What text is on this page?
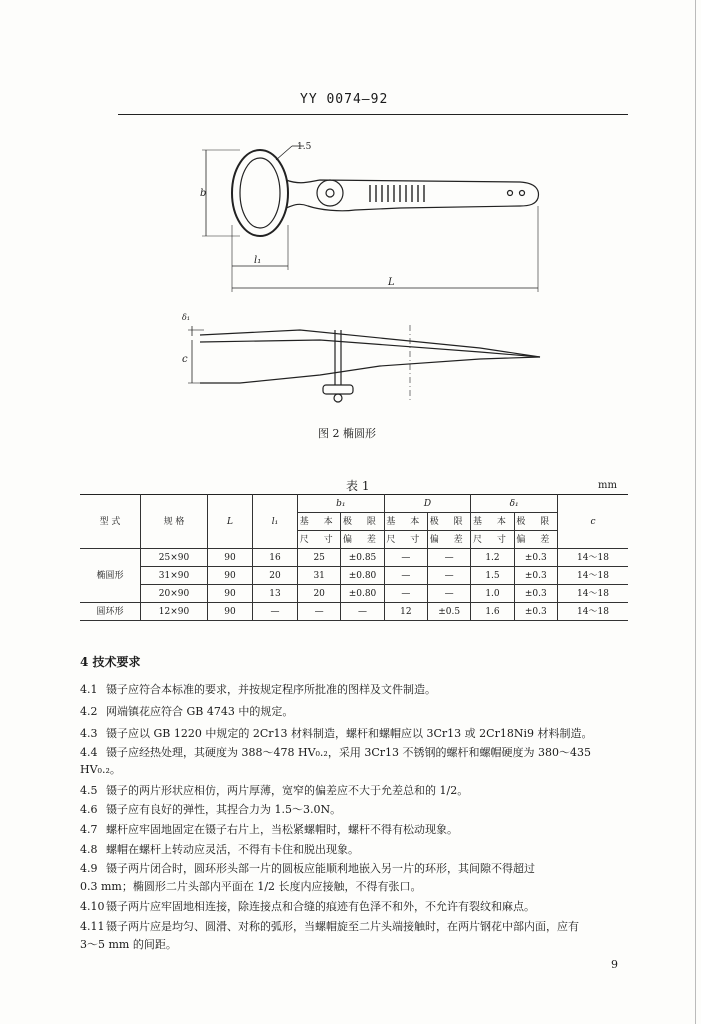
YY 0074—92
1.5
b
l₁
L
δ₁
c
图 2 椭圆形
表 1	mm
型 式	规 格	L	l₁	b₁		D		δ₁		c
				基 本	极 限	基 本	极 限	基 本	极 限	
				尺 寸	偏 差	尺 寸	偏 差	尺 寸	偏 差	
椭圆形	25×90	90	16	25	±0.85	—	—	1.2	±0.3	14～18
	31×90	90	20	31	±0.80	—	—	1.5	±0.3	14～18
	20×90	90	13	20	±0.80	—	—	1.0	±0.3	14～18
圆环形	12×90	90	—	—	—	12	±0.5	1.6	±0.3	14～18
4 技术要求
4.1 镊子应符合本标准的要求，并按规定程序所批准的图样及文件制造。
4.2 网端镇花应符合 GB 4743 中的规定。
4.3 镊子应以 GB 1220 中规定的 2Cr13 材料制造，螺杆和螺帽应以 3Cr13 或 2Cr18Ni9 材料制造。
4.4 镊子应经热处理，其硬度为 388～478 HV₀.₂，采用 3Cr13 不锈钢的螺杆和螺帽硬度为 380～435
HV₀.₂。
4.5 镊子的两片形状应相仿，两片厚薄，宽窄的偏差应不大于允差总和的 1/2。
4.6 镊子应有良好的弹性，其捏合力为 1.5～3.0N。
4.7 螺杆应牢固地固定在镊子右片上，当松紧螺帽时，螺杆不得有松动现象。
4.8 螺帽在螺杆上转动应灵活，不得有卡住和脱出现象。
4.9 镊子两片闭合时，圆环形头部一片的圆板应能顺利地嵌入另一片的环形，其间隙不得超过
0.3 mm；椭圆形二片头部内平面在 1/2 长度内应接触，不得有张口。
4.10 镊子两片应牢固地相连接，除连接点和合缝的痕迹有色泽不和外，不允许有裂纹和麻点。
4.11 镊子两片应是均匀、圆滑、对称的弧形，当螺帽旋至二片头端接触时，在两片钢花中部内面，应有
3～5 mm 的间距。
9
